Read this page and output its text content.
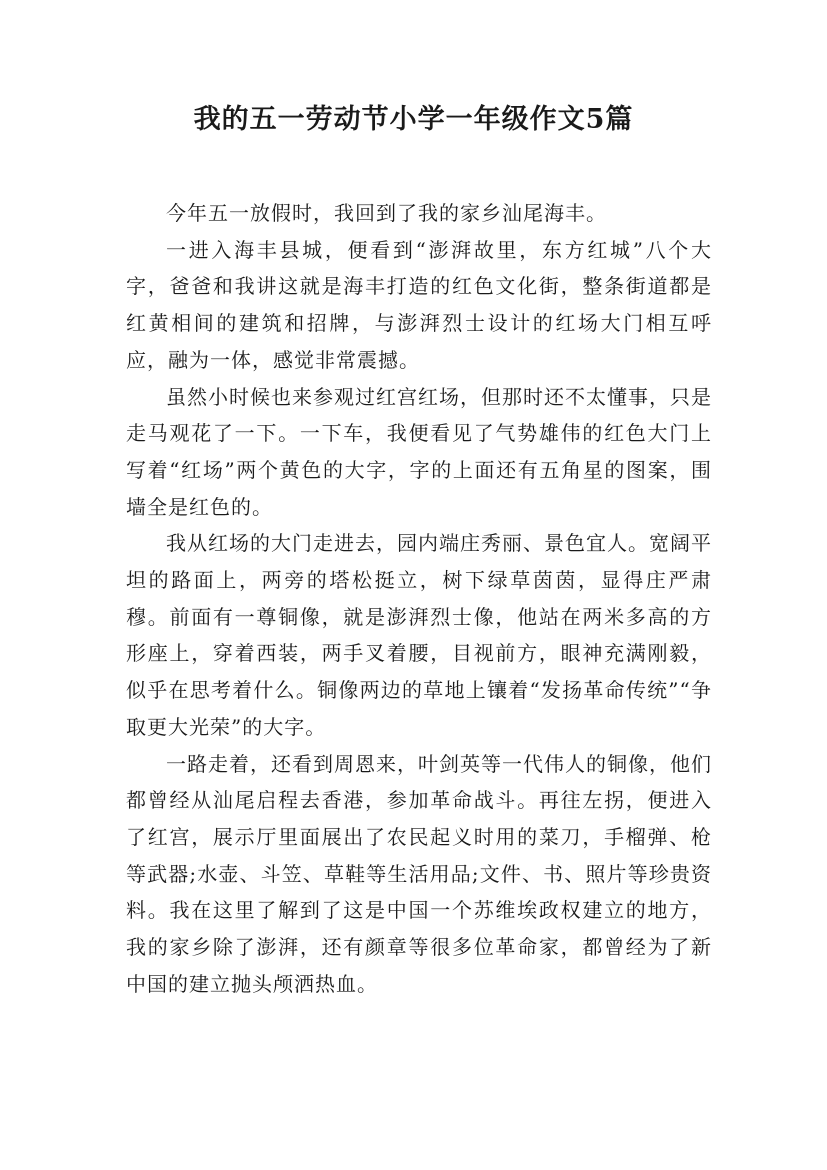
我的五一劳动节小学一年级作文5篇

今年五一放假时，我回到了我的家乡汕尾海丰。

一进入海丰县城，便看到“澎湃故里，东方红城”八个大字，爸爸和我讲这就是海丰打造的红色文化街，整条街道都是红黄相间的建筑和招牌，与澎湃烈士设计的红场大门相互呼应，融为一体，感觉非常震撼。

虽然小时候也来参观过红宫红场，但那时还不太懂事，只是走马观花了一下。一下车，我便看见了气势雄伟的红色大门上写着“红场”两个黄色的大字，字的上面还有五角星的图案，围墙全是红色的。

我从红场的大门走进去，园内端庄秀丽、景色宜人。宽阔平坦的路面上，两旁的塔松挺立，树下绿草茵茵，显得庄严肃穆。前面有一尊铜像，就是澎湃烈士像，他站在两米多高的方形座上，穿着西装，两手叉着腰，目视前方，眼神充满刚毅，似乎在思考着什么。铜像两边的草地上镶着“发扬革命传统”“争取更大光荣”的大字。

一路走着，还看到周恩来，叶剑英等一代伟人的铜像，他们都曾经从汕尾启程去香港，参加革命战斗。再往左拐，便进入了红宫，展示厅里面展出了农民起义时用的菜刀，手榴弹、枪等武器;水壶、斗笠、草鞋等生活用品;文件、书、照片等珍贵资料。我在这里了解到了这是中国一个苏维埃政权建立的地方，我的家乡除了澎湃，还有颜章等很多位革命家，都曾经为了新中国的建立抛头颅洒热血。
